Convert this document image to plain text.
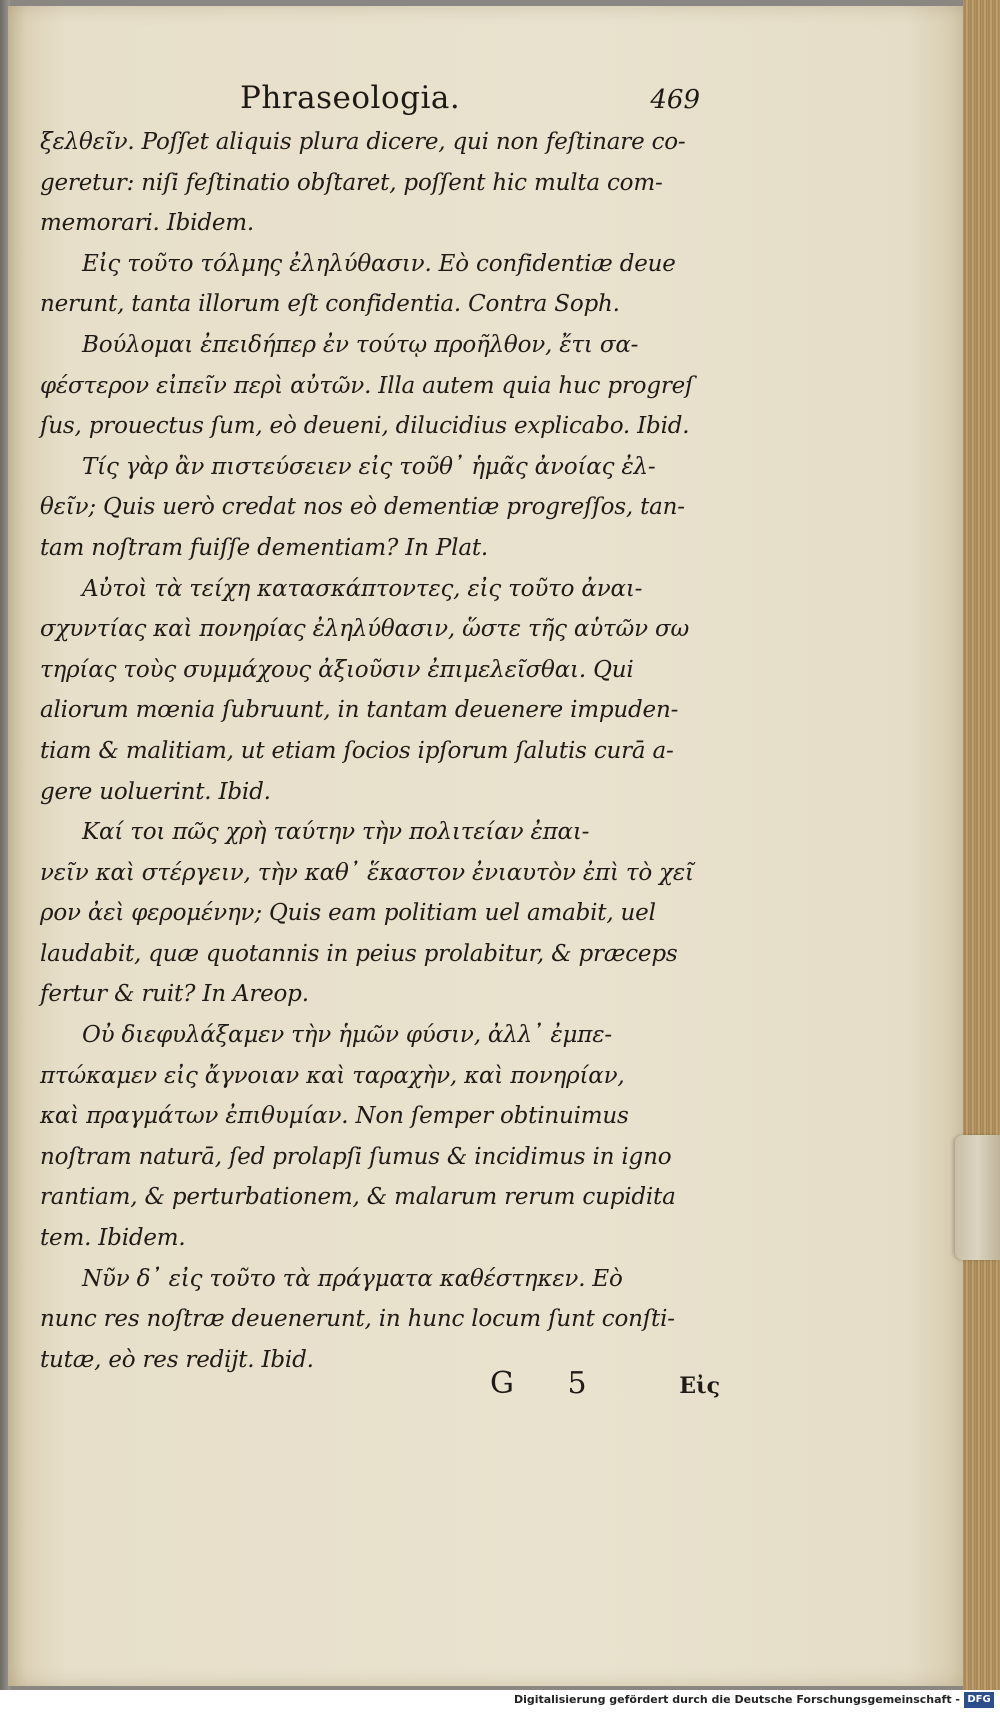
Phraseologia.	469
ξελθεῖν. Poſſet aliquis plura dicere, qui non feſtinare co-
geretur: niſi feſtinatio obſtaret, poſſent hic multa com-
memorari. Ibidem.
Εἰς τοῦτο τόλμης ἐληλύθασιν. Eò confidentiæ deue
nerunt, tanta illorum eſt confidentia. Contra Soph.
Βούλομαι ἐπειδήπερ ἐν τούτῳ προῆλθον, ἔτι σα-
φέστερον εἰπεῖν περὶ αὐτῶν. Illa autem quia huc progreſ
ſus, prouectus ſum, eò deueni, dilucidius explicabo. Ibid.
Τίς γὰρ ἂν πιστεύσειεν εἰς τοῦθ᾽ ἡμᾶς ἀνοίας ἐλ-
θεῖν; Quis uerò credat nos eò dementiæ progreſſos, tan-
tam noſtram fuiſſe dementiam? In Plat.
Αὐτοὶ τὰ τείχη κατασκάπτοντες, εἰς τοῦτο ἀναι-
σχυντίας καὶ πονηρίας ἐληλύθασιν, ὥστε τῆς αὑτῶν σω
τηρίας τοὺς συμμάχους ἀξιοῦσιν ἐπιμελεῖσθαι. Qui
aliorum mœnia ſubruunt, in tantam deuenere impuden-
tiam & malitiam, ut etiam ſocios ipſorum ſalutis curā a-
gere uoluerint. Ibid.
Καί τοι πῶς χρὴ ταύτην τὴν πολιτείαν ἐπαι-
νεῖν καὶ στέργειν, τὴν καθ᾽ ἕκαστον ἐνιαυτὸν ἐπὶ τὸ χεῖ
ρον ἀεὶ φερομένην; Quis eam politiam uel amabit, uel
laudabit, quæ quotannis in peius prolabitur, & præceps
fertur & ruit? In Areop.
Οὐ διεφυλάξαμεν τὴν ἡμῶν φύσιν, ἀλλ᾽ ἐμπε-
πτώκαμεν εἰς ἄγνοιαν καὶ ταραχὴν, καὶ πονηρίαν,
καὶ πραγμάτων ἐπιθυμίαν. Non ſemper obtinuimus
noſtram naturā, ſed prolapſi ſumus & incidimus in igno
rantiam, & perturbationem, & malarum rerum cupidita
tem. Ibidem.
Νῦν δ᾽ εἰς τοῦτο τὰ πράγματα καθέστηκεν. Eò
nunc res noſtræ deuenerunt, in hunc locum ſunt conſti-
tutæ, eò res redijt. Ibid.
G 5	Εἰς
Digitalisierung gefördert durch die Deutsche Forschungsgemeinschaft - DFG
